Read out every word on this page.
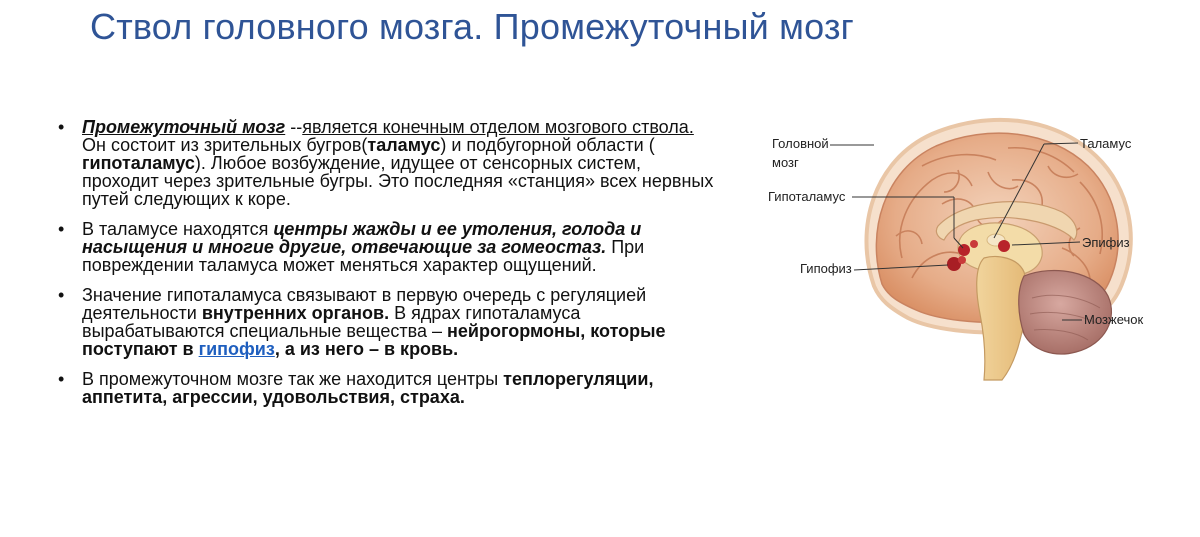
Ствол головного мозга. Промежуточный мозг
• Промежуточный мозг --является конечным отделом мозгового ствола. Он состоит из зрительных бугров(таламус) и подбугорной области ( гипоталамус). Любое возбуждение, идущее от сенсорных систем, проходит через зрительные бугры. Это последняя «станция» всех нервных путей следующих к коре.
• В таламусе находятся центры жажды и ее утоления, голода и насыщения и многие другие, отвечающие за гомеостаз. При повреждении таламуса может меняться характер ощущений.
• Значение гипоталамуса связывают в первую очередь с регуляцией деятельности внутренних органов. В ядрах гипоталамуса вырабатываются специальные вещества – нейрогормоны, которые поступают в гипофиз, а из него – в кровь.
• В промежуточном мозге так же находится центры теплорегуляции, аппетита, агрессии, удовольствия, страха.
Головной
мозг
Гипоталамус
Таламус
Эпифиз
Гипофиз
Мозжечок
